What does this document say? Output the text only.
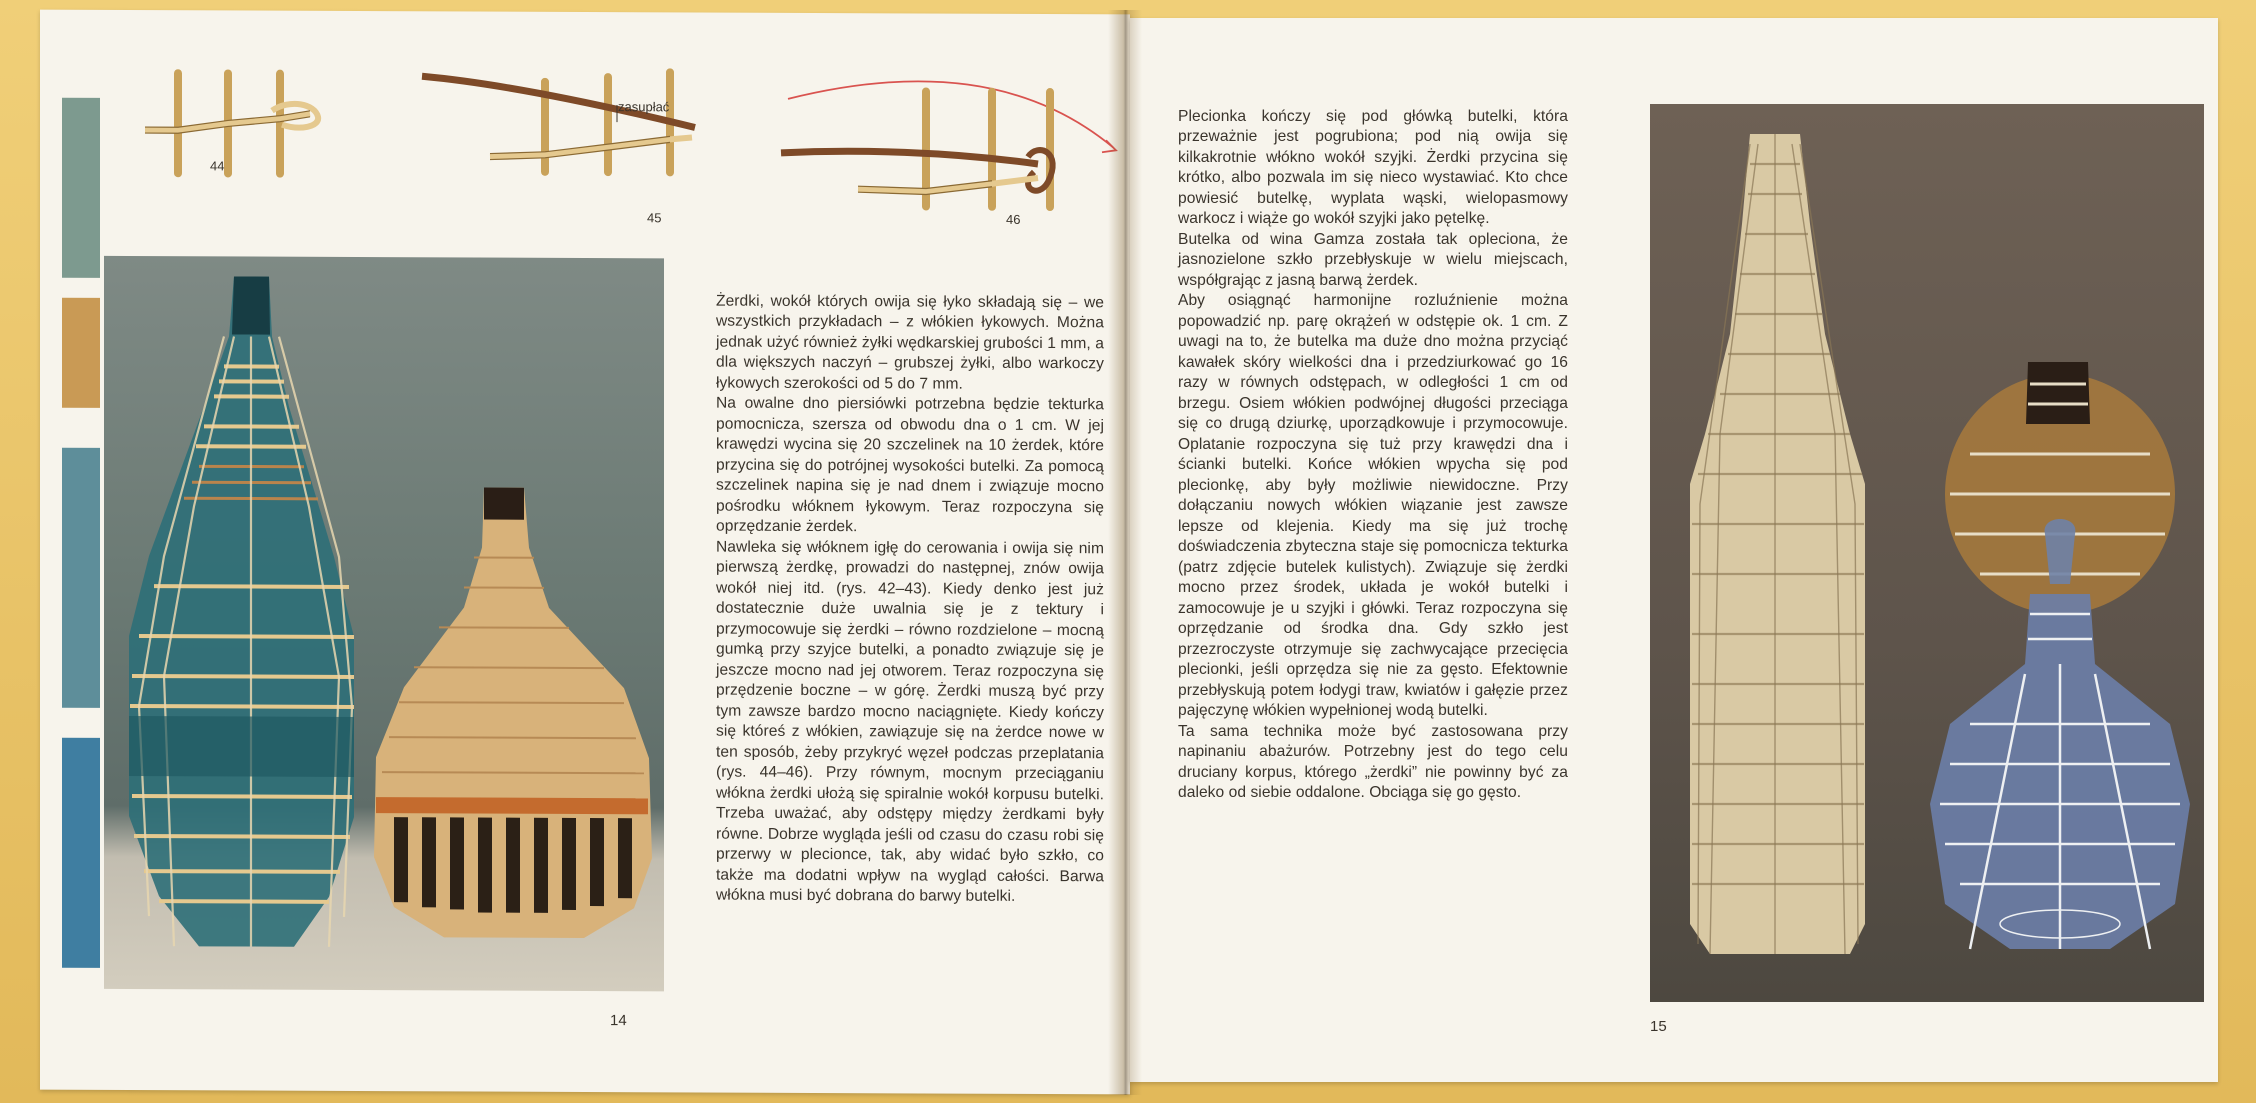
44
zasupłać
45	46

Żerdki, wokół których owija się łyko składają się – we wszystkich przykładach – z włókien łykowych. Można jednak użyć również żyłki wędkarskiej grubości 1 mm, a dla większych naczyń – grubszej żyłki, albo warkoczy łykowych szerokości od 5 do 7 mm.
Na owalne dno piersiówki potrzebna będzie tekturka pomocnicza, szersza od obwodu dna o 1 cm. W jej krawędzi wycina się 20 szczelinek na 10 żerdek, które przycina się do potrójnej wysokości butelki. Za pomocą szczelinek napina się je nad dnem i związuje mocno pośrodku włóknem łykowym. Teraz rozpoczyna się oprzędzanie żerdek.
Nawleka się włóknem igłę do cerowania i owija się nim pierwszą żerdkę, prowadzi do następnej, znów owija wokół niej itd. (rys. 42–43). Kiedy denko jest już dostatecznie duże uwalnia się je z tektury i przymocowuje się żerdki – równo rozdzielone – mocną gumką przy szyjce butelki, a ponadto związuje się je jeszcze mocno nad jej otworem. Teraz rozpoczyna się przędzenie boczne – w górę. Żerdki muszą być przy tym zawsze bardzo mocno naciągnięte. Kiedy kończy się któreś z włókien, zawiązuje się na żerdce nowe w ten sposób, żeby przykryć węzeł podczas przeplatania (rys. 44–46). Przy równym, mocnym przeciąganiu włókna żerdki ułożą się spiralnie wokół korpusu butelki. Trzeba uważać, aby odstępy między żerdkami były równe. Dobrze wygląda jeśli od czasu do czasu robi się przerwy w plecionce, tak, aby widać było szkło, co także ma dodatni wpływ na wygląd całości. Barwa włókna musi być dobrana do barwy butelki.

14

Plecionka kończy się pod główką butelki, która przeważnie jest pogrubiona; pod nią owija się kilkakrotnie włókno wokół szyjki. Żerdki przycina się krótko, albo pozwala im się nieco wystawiać. Kto chce powiesić butelkę, wyplata wąski, wielopasmowy warkocz i wiąże go wokół szyjki jako pętelkę.
Butelka od wina Gamza została tak opleciona, że jasnozielone szkło przebłyskuje w wielu miejscach, współgrając z jasną barwą żerdek.
Aby osiągnąć harmonijne rozluźnienie można popowadzić np. parę okrążeń w odstępie ok. 1 cm. Z uwagi na to, że butelka ma duże dno można przyciąć kawałek skóry wielkości dna i przedziurkować go 16 razy w równych odstępach, w odległości 1 cm od brzegu. Osiem włókien podwójnej długości przeciąga się co drugą dziurkę, uporządkowuje i przymocowuje. Oplatanie rozpoczyna się tuż przy krawędzi dna i ścianki butelki. Końce włókien wpycha się pod plecionkę, aby były możliwie niewidoczne. Przy dołączaniu nowych włókien wiązanie jest zawsze lepsze od klejenia. Kiedy ma się już trochę doświadczenia zbyteczna staje się pomocnicza tekturka (patrz zdjęcie butelek kulistych). Związuje się żerdki mocno przez środek, układa je wokół butelki i zamocowuje je u szyjki i główki. Teraz rozpoczyna się oprzędzanie od środka dna. Gdy szkło jest przezroczyste otrzymuje się zachwycające przecięcia plecionki, jeśli oprzędza się nie za gęsto. Efektownie przebłyskują potem łodygi traw, kwiatów i gałęzie przez pajęczynę włókien wypełnionej wodą butelki.
Ta sama technika może być zastosowana przy napinaniu abażurów. Potrzebny jest do tego celu druciany korpus, którego „żerdki” nie powinny być za daleko od siebie oddalone. Obciąga się go gęsto.

15
